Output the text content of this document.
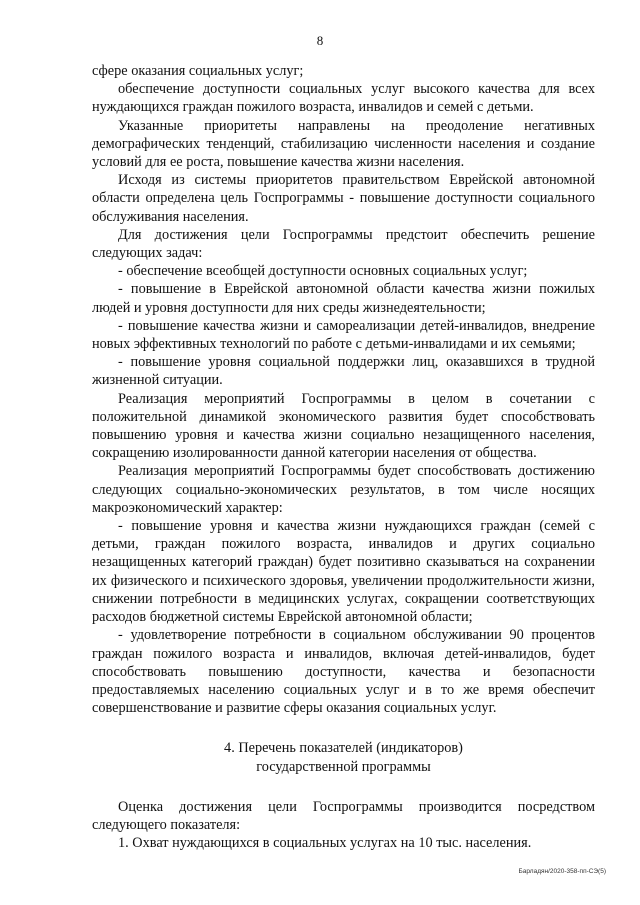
8

сфере оказания социальных услуг;

обеспечение доступности социальных услуг высокого качества для всех нуждающихся граждан пожилого возраста, инвалидов и семей с детьми.

Указанные приоритеты направлены на преодоление негативных демографических тенденций, стабилизацию численности населения и создание условий для ее роста, повышение качества жизни населения.

Исходя из системы приоритетов правительством Еврейской автономной области определена цель Госпрограммы - повышение доступности социального обслуживания населения.

Для достижения цели Госпрограммы предстоит обеспечить решение следующих задач:

- обеспечение всеобщей доступности основных социальных услуг;

- повышение в Еврейской автономной области качества жизни пожилых людей и уровня доступности для них среды жизнедеятельности;

- повышение качества жизни и самореализации детей-инвалидов, внедрение новых эффективных технологий по работе с детьми-инвалидами и их семьями;

- повышение уровня социальной поддержки лиц, оказавшихся в трудной жизненной ситуации.

Реализация мероприятий Госпрограммы в целом в сочетании с положительной динамикой экономического развития будет способствовать повышению уровня и качества жизни социально незащищенного населения, сокращению изолированности данной категории населения от общества.

Реализация мероприятий Госпрограммы будет способствовать достижению следующих социально-экономических результатов, в том числе носящих макроэкономический характер:

- повышение уровня и качества жизни нуждающихся граждан (семей с детьми, граждан пожилого возраста, инвалидов и других социально незащищенных категорий граждан) будет позитивно сказываться на сохранении их физического и психического здоровья, увеличении продолжительности жизни, снижении потребности в медицинских услугах, сокращении соответствующих расходов бюджетной системы Еврейской автономной области;

- удовлетворение потребности в социальном обслуживании 90 процентов граждан пожилого возраста и инвалидов, включая детей-инвалидов, будет способствовать повышению доступности, качества и безопасности предоставляемых населению социальных услуг и в то же время обеспечит совершенствование и развитие сферы оказания социальных услуг.

4. Перечень показателей (индикаторов)
государственной программы

Оценка достижения цели Госпрограммы производится посредством следующего показателя:

1. Охват нуждающихся в социальных услугах на 10 тыс. населения.

Барладян/2020-358-пп-СЭ(5)
